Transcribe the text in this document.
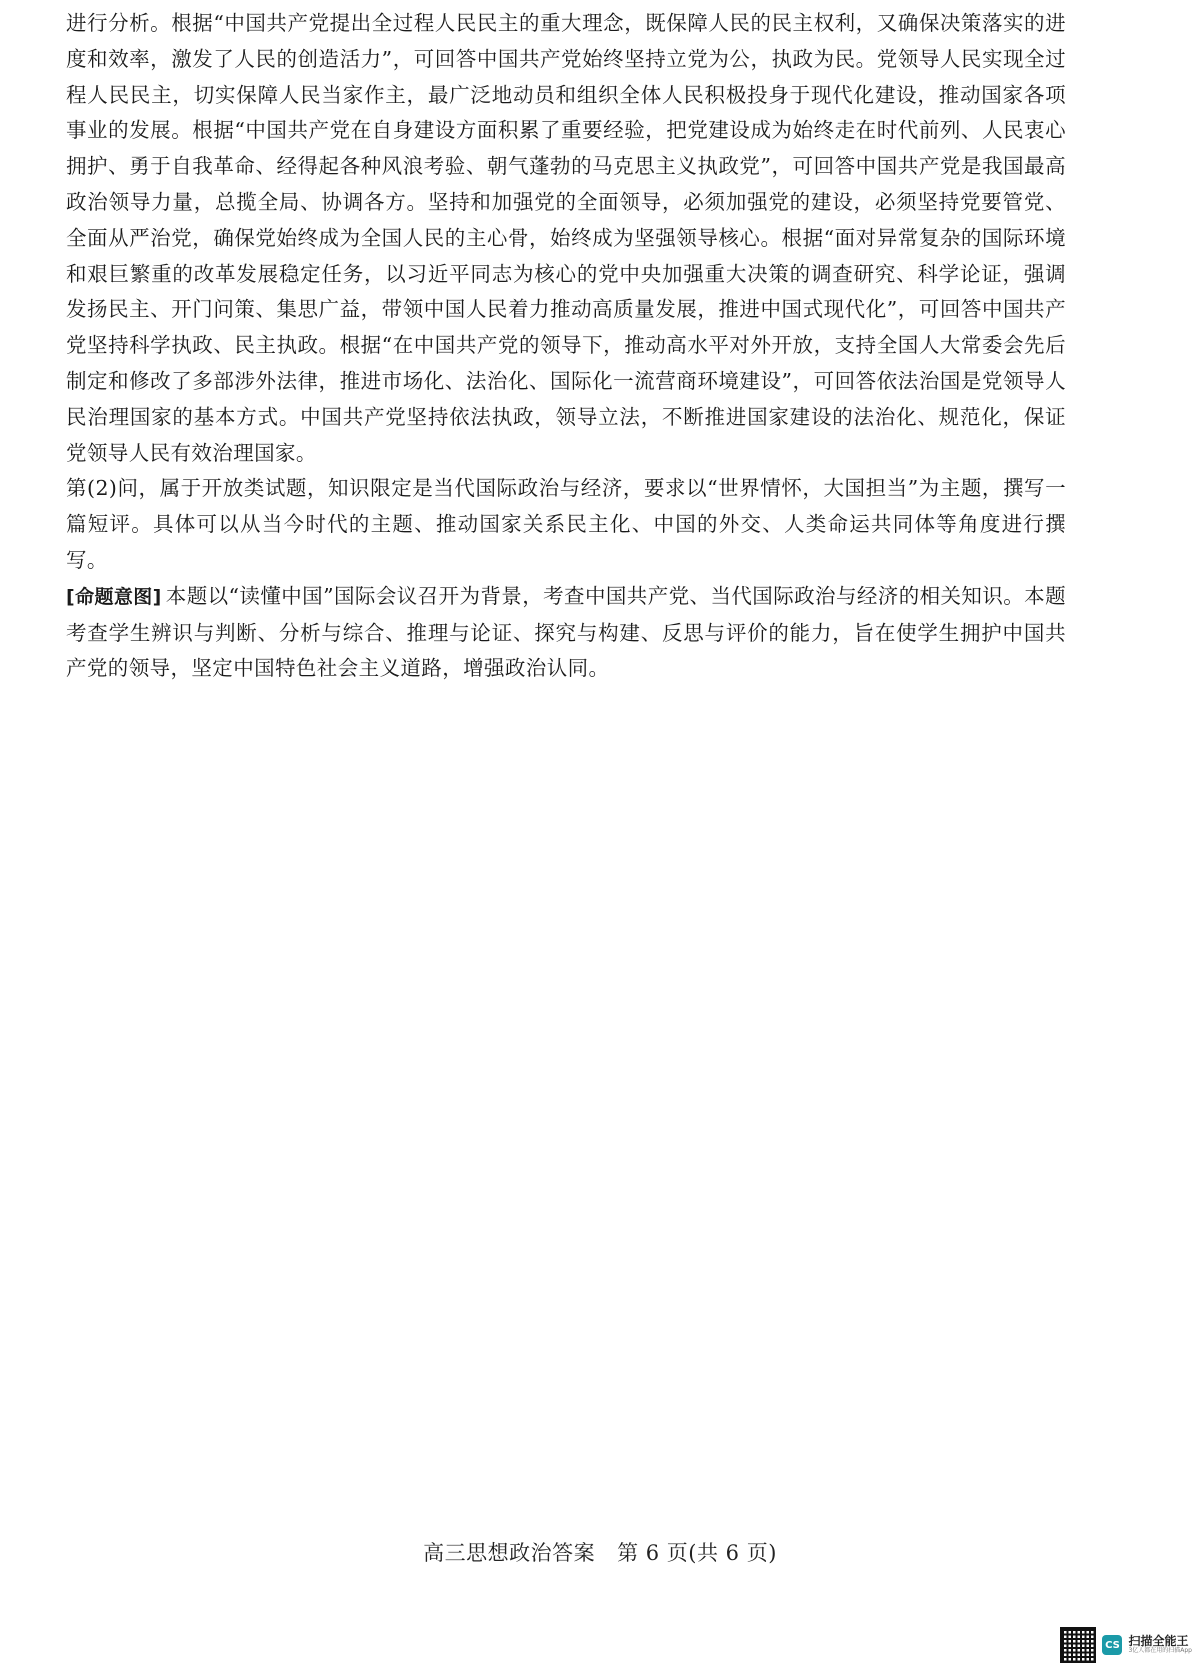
进行分析。根据“中国共产党提出全过程人民民主的重大理念，既保障人民的民主权利，又确保决策落实的进度和效率，激发了人民的创造活力”，可回答中国共产党始终坚持立党为公，执政为民。党领导人民实现全过程人民民主，切实保障人民当家作主，最广泛地动员和组织全体人民积极投身于现代化建设，推动国家各项事业的发展。根据“中国共产党在自身建设方面积累了重要经验，把党建设成为始终走在时代前列、人民衷心拥护、勇于自我革命、经得起各种风浪考验、朝气蓬勃的马克思主义执政党”，可回答中国共产党是我国最高政治领导力量，总揽全局、协调各方。坚持和加强党的全面领导，必须加强党的建设，必须坚持党要管党、全面从严治党，确保党始终成为全国人民的主心骨，始终成为坚强领导核心。根据“面对异常复杂的国际环境和艰巨繁重的改革发展稳定任务，以习近平同志为核心的党中央加强重大决策的调查研究、科学论证，强调发扬民主、开门问策、集思广益，带领中国人民着力推动高质量发展，推进中国式现代化”，可回答中国共产党坚持科学执政、民主执政。根据“在中国共产党的领导下，推动高水平对外开放，支持全国人大常委会先后制定和修改了多部涉外法律，推进市场化、法治化、国际化一流营商环境建设”，可回答依法治国是党领导人民治理国家的基本方式。中国共产党坚持依法执政，领导立法，不断推进国家建设的法治化、规范化，保证党领导人民有效治理国家。

第(2)问，属于开放类试题，知识限定是当代国际政治与经济，要求以“世界情怀，大国担当”为主题，撰写一篇短评。具体可以从当今时代的主题、推动国家关系民主化、中国的外交、人类命运共同体等角度进行撰写。

[命题意图] 本题以“读懂中国”国际会议召开为背景，考查中国共产党、当代国际政治与经济的相关知识。本题考查学生辨识与判断、分析与综合、推理与论证、探究与构建、反思与评价的能力，旨在使学生拥护中国共产党的领导，坚定中国特色社会主义道路，增强政治认同。

高三思想政治答案 第 6 页(共 6 页)
CS 扫描全能王
3亿人都在用的扫描App
